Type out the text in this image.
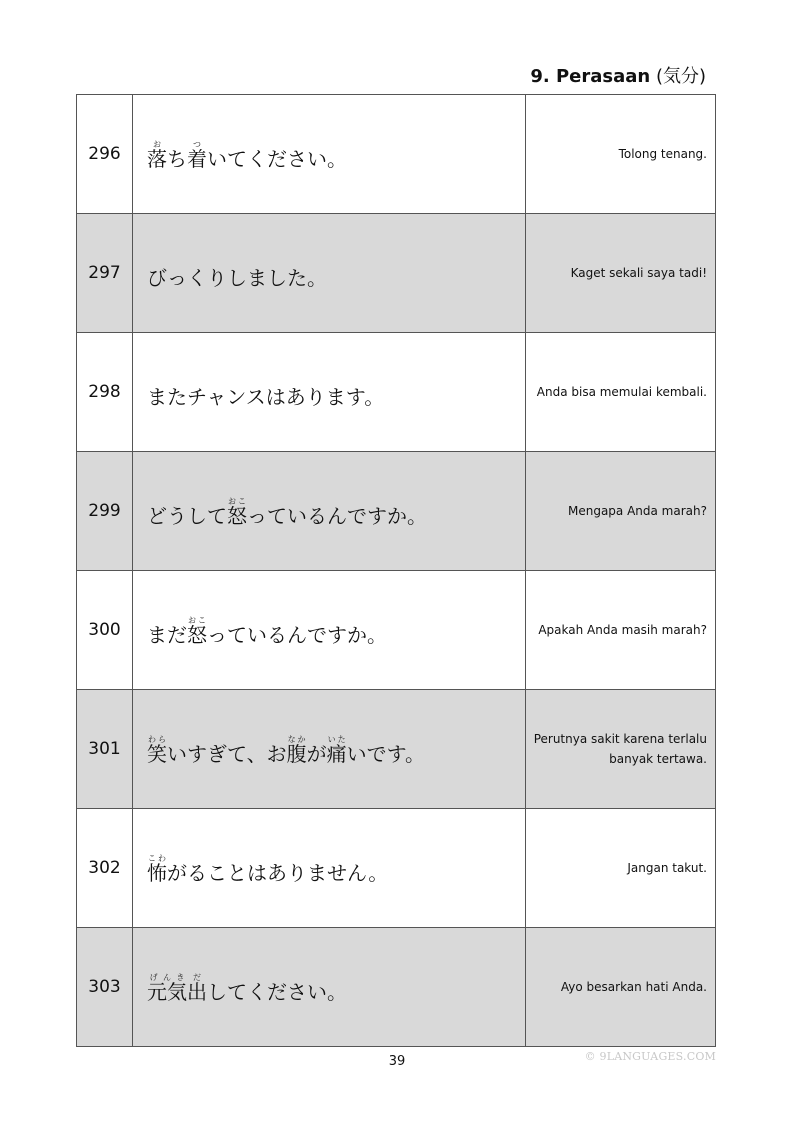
9. Perasaan (気分)
296	落おち着ついてください。	Tolong tenang.
297	びっくりしました。	Kaget sekali saya tadi!
298	またチャンスはあります。	Anda bisa memulai kembali.
299	どうして怒おこっているんですか。	Mengapa Anda marah?
300	まだ怒おこっているんですか。	Apakah Anda masih marah?
301	笑わらいすぎて、お腹なかが痛いたいです。	Perutnya sakit karena terlalu
banyak tertawa.

302	怖こわがることはありません。	Jangan takut.
303	元気げんき出だしてください。	Ayo besarkan hati Anda.
39	© 9LANGUAGES.COM
